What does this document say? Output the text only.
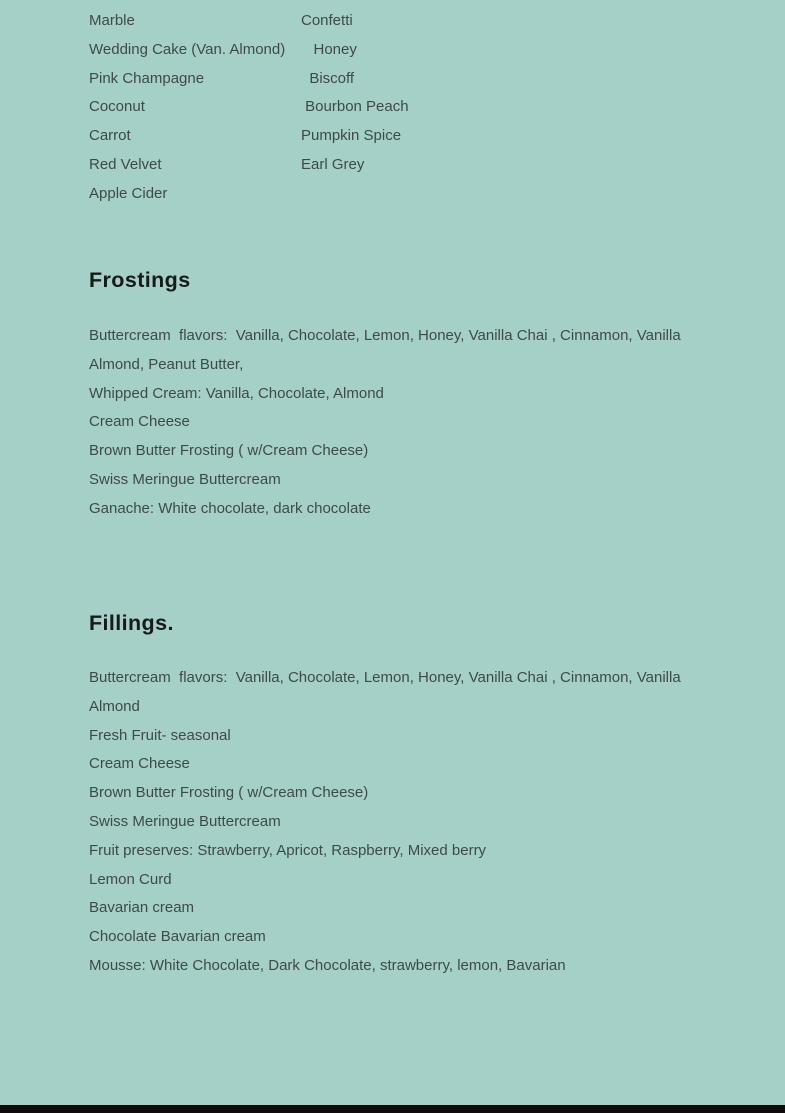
Marble	Confetti
Wedding Cake (Van. Almond)	Honey
Pink Champagne	Biscoff
Coconut	Bourbon Peach
Carrot	Pumpkin Spice
Red Velvet	Earl Grey
Apple Cider
Frostings
Buttercream  flavors:  Vanilla, Chocolate, Lemon, Honey, Vanilla Chai , Cinnamon, Vanilla
Almond, Peanut Butter,
Whipped Cream: Vanilla, Chocolate, Almond
Cream Cheese
Brown Butter Frosting ( w/Cream Cheese)
Swiss Meringue Buttercream
Ganache: White chocolate, dark chocolate
Fillings.
Buttercream  flavors:  Vanilla, Chocolate, Lemon, Honey, Vanilla Chai , Cinnamon, Vanilla
Almond
Fresh Fruit- seasonal
Cream Cheese
Brown Butter Frosting ( w/Cream Cheese)
Swiss Meringue Buttercream
Fruit preserves: Strawberry, Apricot, Raspberry, Mixed berry
Lemon Curd
Bavarian cream
Chocolate Bavarian cream
Mousse: White Chocolate, Dark Chocolate, strawberry, lemon, Bavarian
